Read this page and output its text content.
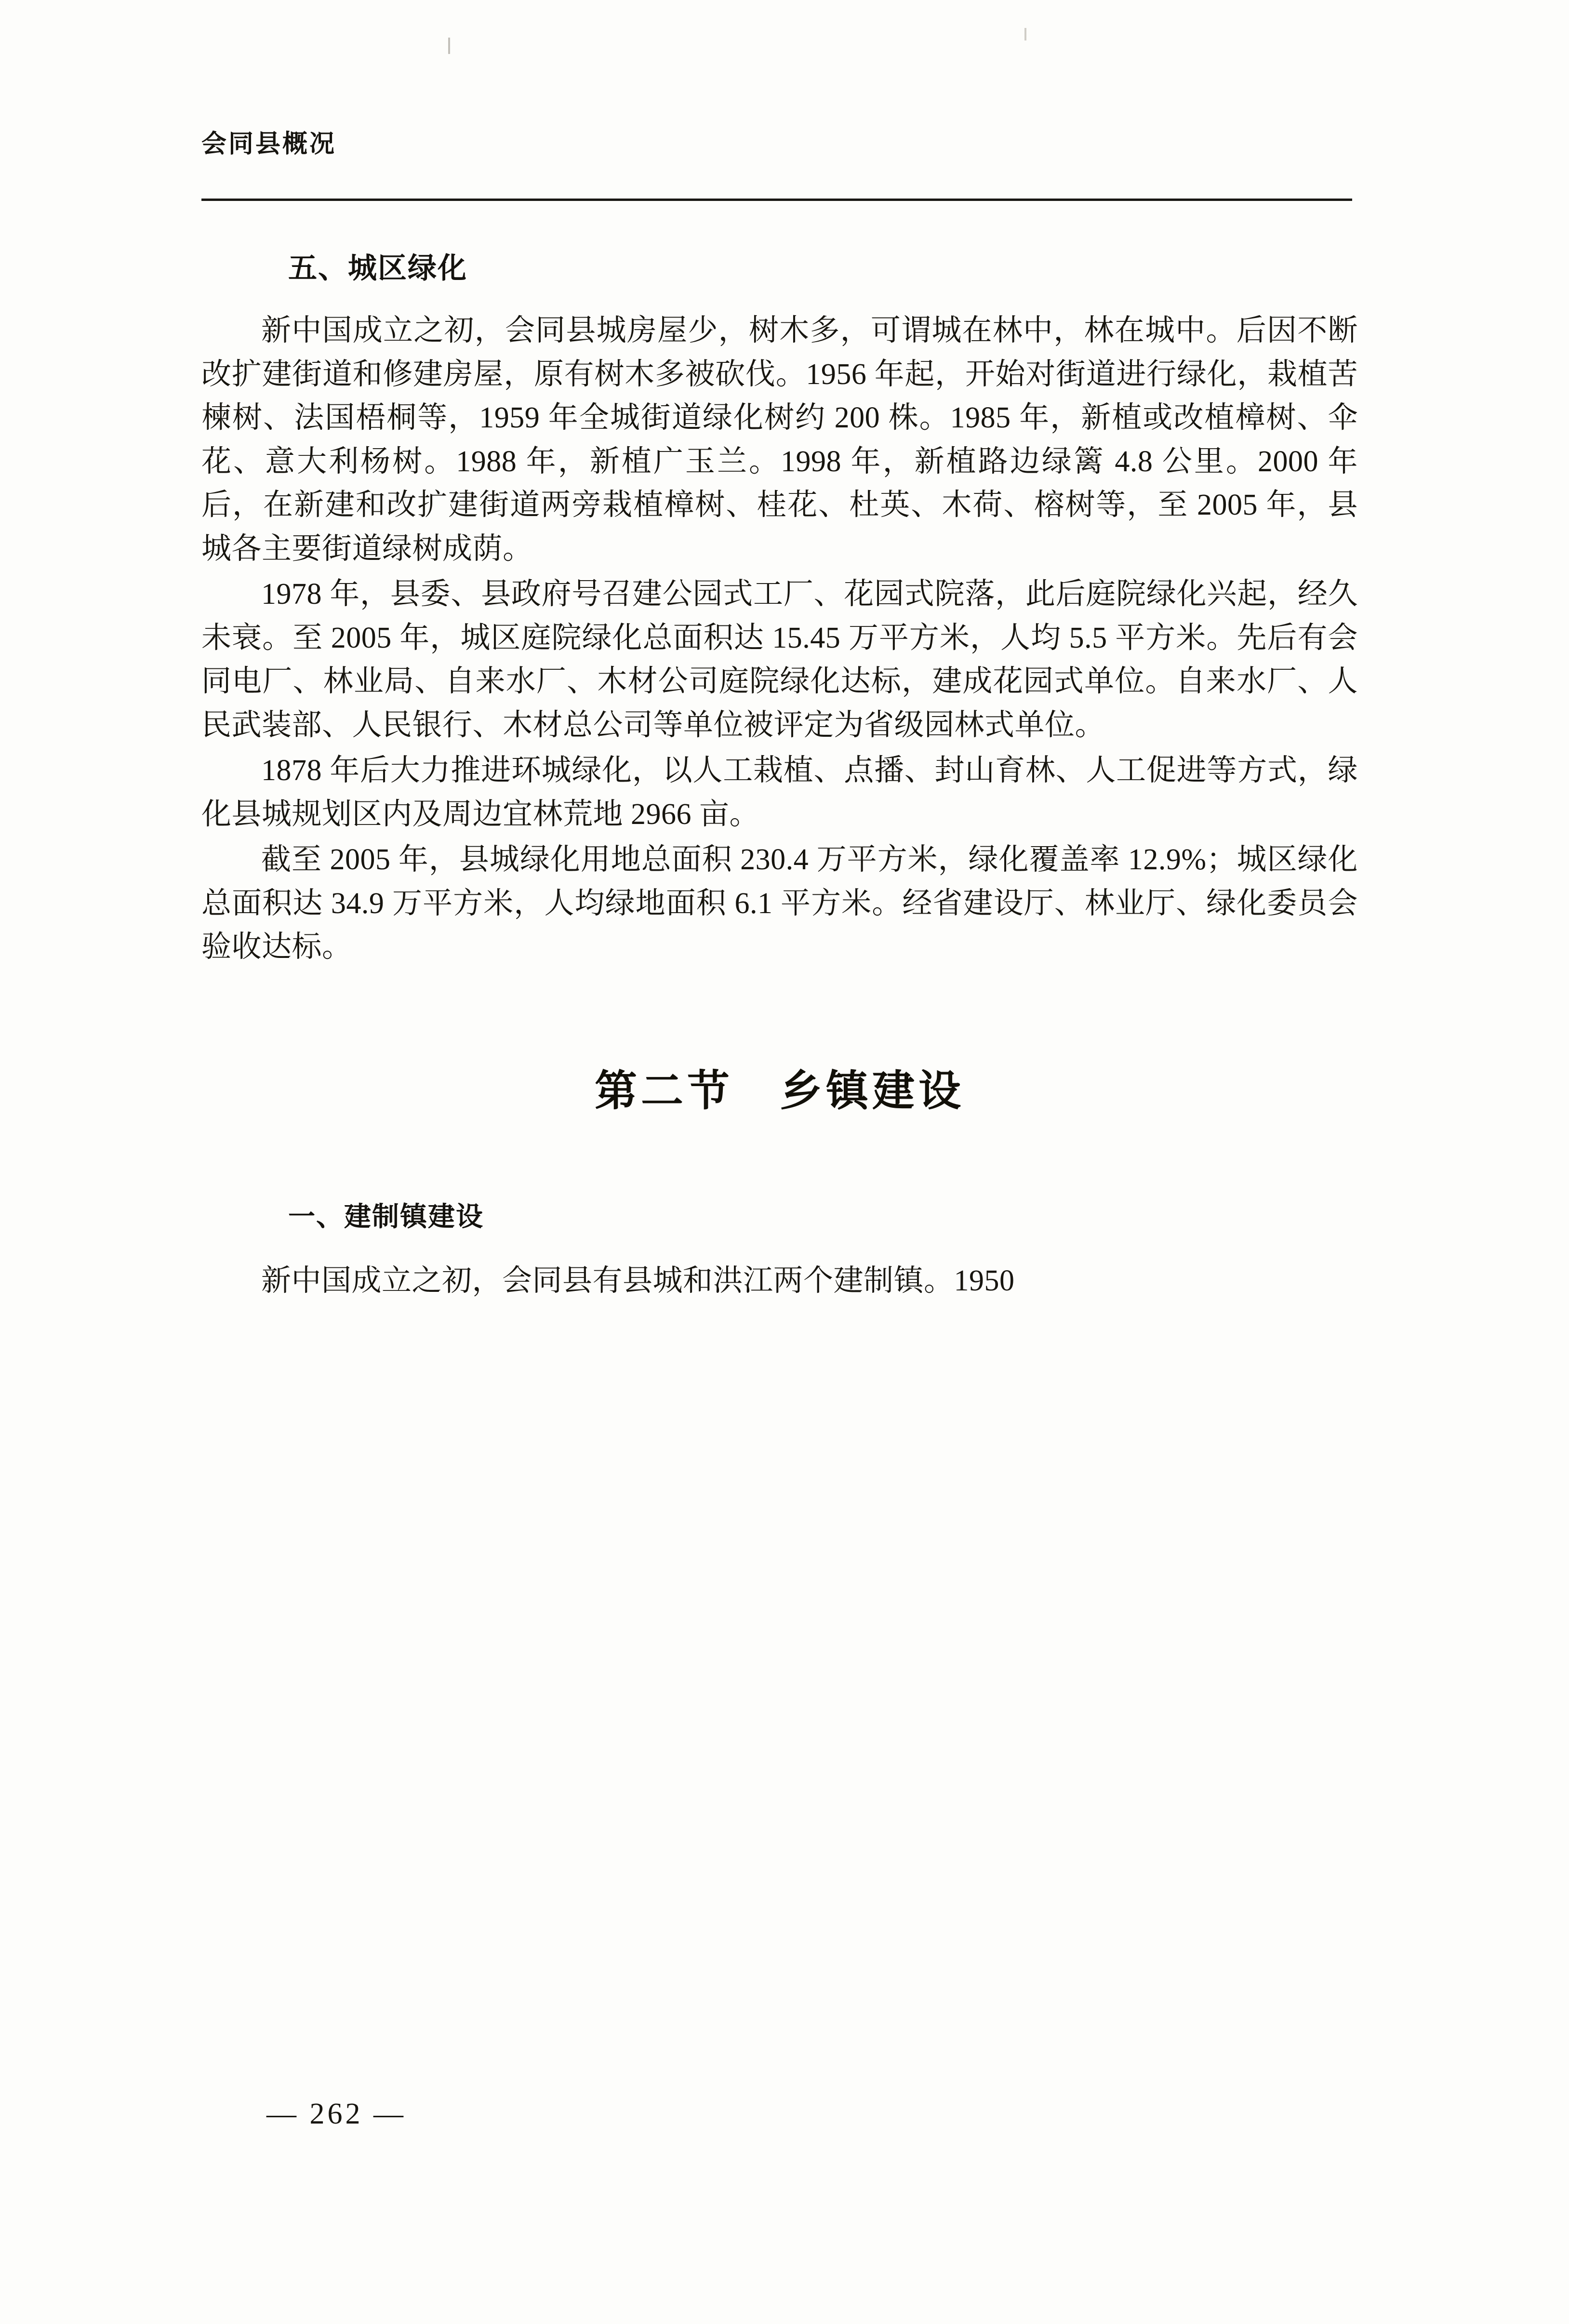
会同县概况
五、城区绿化

新中国成立之初，会同县城房屋少，树木多，可谓城在林中，林在城中。后因不断改扩建街道和修建房屋，原有树木多被砍伐。1956 年起，开始对街道进行绿化，栽植苦楝树、法国梧桐等，1959 年全城街道绿化树约 200 株。1985 年，新植或改植樟树、伞花、意大利杨树。1988 年，新植广玉兰。1998 年，新植路边绿篱 4.8 公里。2000 年后，在新建和改扩建街道两旁栽植樟树、桂花、杜英、木荷、榕树等，至 2005 年，县城各主要街道绿树成荫。

1978 年，县委、县政府号召建公园式工厂、花园式院落，此后庭院绿化兴起，经久未衰。至 2005 年，城区庭院绿化总面积达 15.45 万平方米，人均 5.5 平方米。先后有会同电厂、林业局、自来水厂、木材公司庭院绿化达标，建成花园式单位。自来水厂、人民武装部、人民银行、木材总公司等单位被评定为省级园林式单位。

1878 年后大力推进环城绿化，以人工栽植、点播、封山育林、人工促进等方式，绿化县城规划区内及周边宜林荒地 2966 亩。

截至 2005 年，县城绿化用地总面积 230.4 万平方米，绿化覆盖率 12.9%；城区绿化总面积达 34.9 万平方米，人均绿地面积 6.1 平方米。经省建设厅、林业厅、绿化委员会验收达标。

第二节　乡镇建设
一、建制镇建设

新中国成立之初，会同县有县城和洪江两个建制镇。1950

— 262 —
